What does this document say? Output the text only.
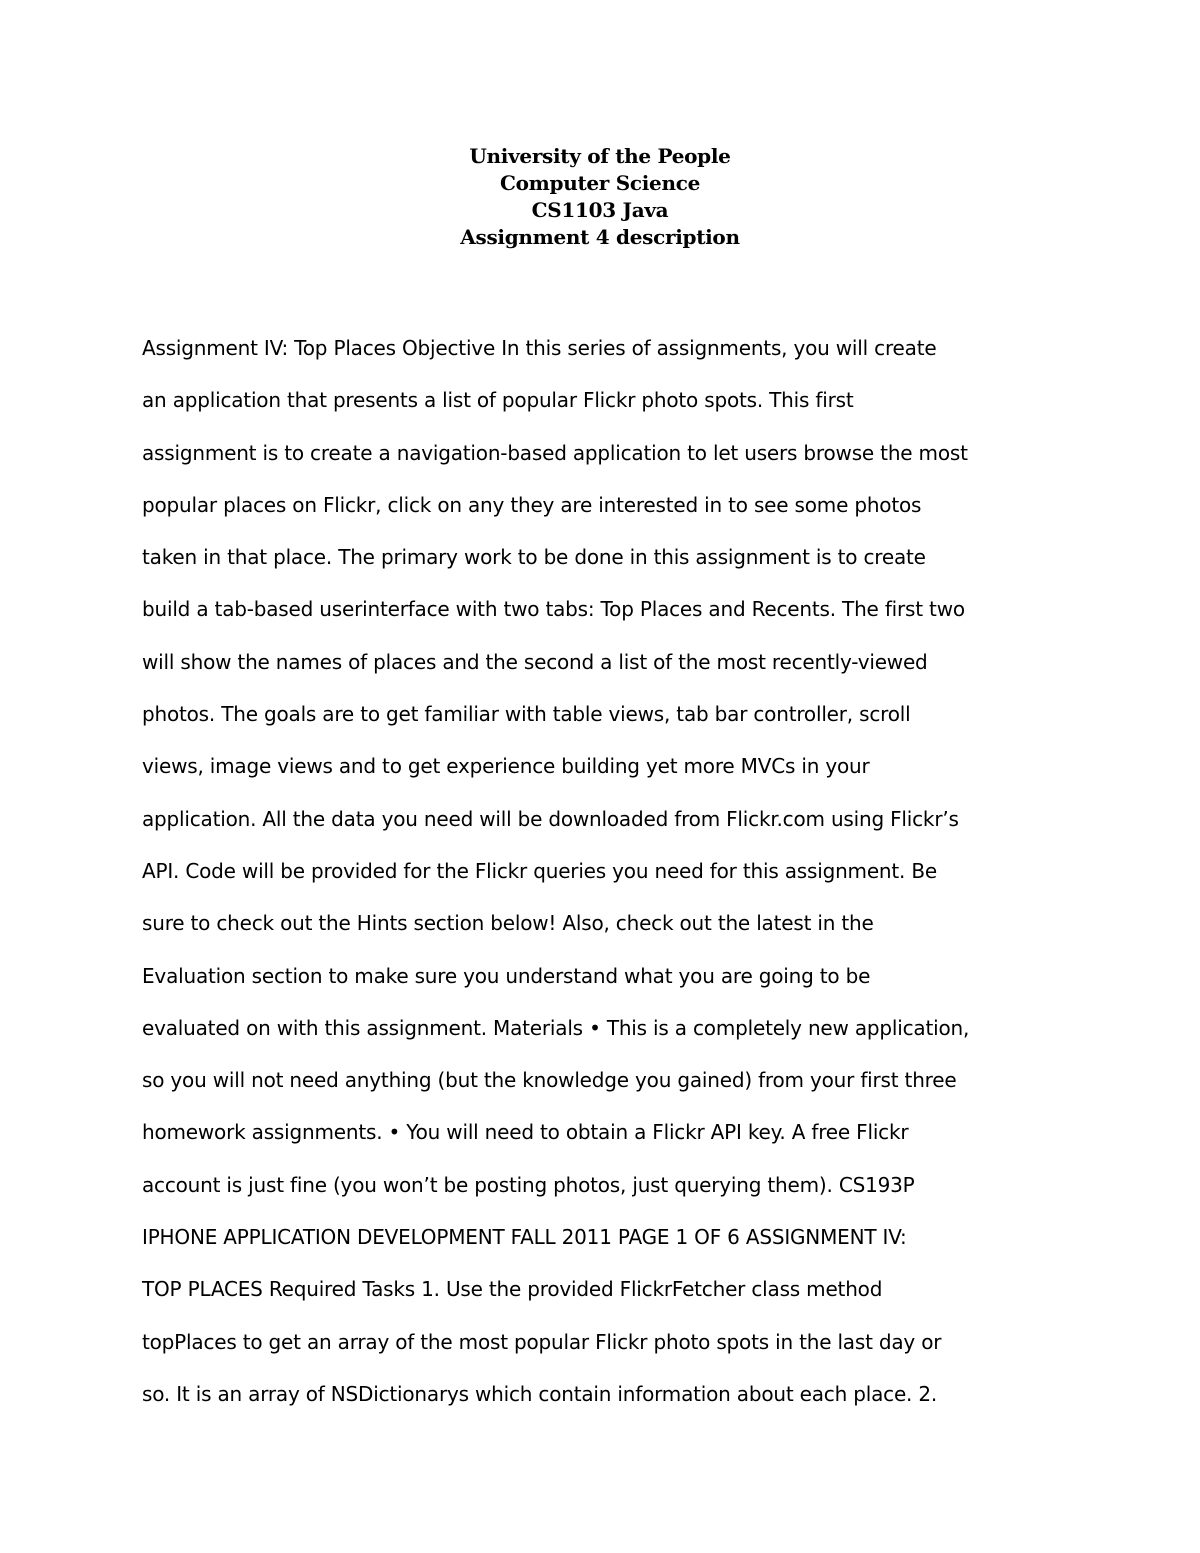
University of the People
Computer Science
CS1103 Java
Assignment 4 description
Assignment IV: Top Places Objective In this series of assignments, you will create
an application that presents a list of popular Flickr photo spots. This first
assignment is to create a navigation-based application to let users browse the most
popular places on Flickr, click on any they are interested in to see some photos
taken in that place. The primary work to be done in this assignment is to create
build a tab-based userinterface with two tabs: Top Places and Recents. The first two
will show the names of places and the second a list of the most recently-viewed
photos. The goals are to get familiar with table views, tab bar controller, scroll
views, image views and to get experience building yet more MVCs in your
application. All the data you need will be downloaded from Flickr.com using Flickr’s
API. Code will be provided for the Flickr queries you need for this assignment. Be
sure to check out the Hints section below! Also, check out the latest in the
Evaluation section to make sure you understand what you are going to be
evaluated on with this assignment. Materials • This is a completely new application,
so you will not need anything (but the knowledge you gained) from your first three
homework assignments. • You will need to obtain a Flickr API key. A free Flickr
account is just fine (you won’t be posting photos, just querying them). CS193P
IPHONE APPLICATION DEVELOPMENT FALL 2011 PAGE 1 OF 6 ASSIGNMENT IV:
TOP PLACES Required Tasks 1. Use the provided FlickrFetcher class method
topPlaces to get an array of the most popular Flickr photo spots in the last day or
so. It is an array of NSDictionarys which contain information about each place. 2.
